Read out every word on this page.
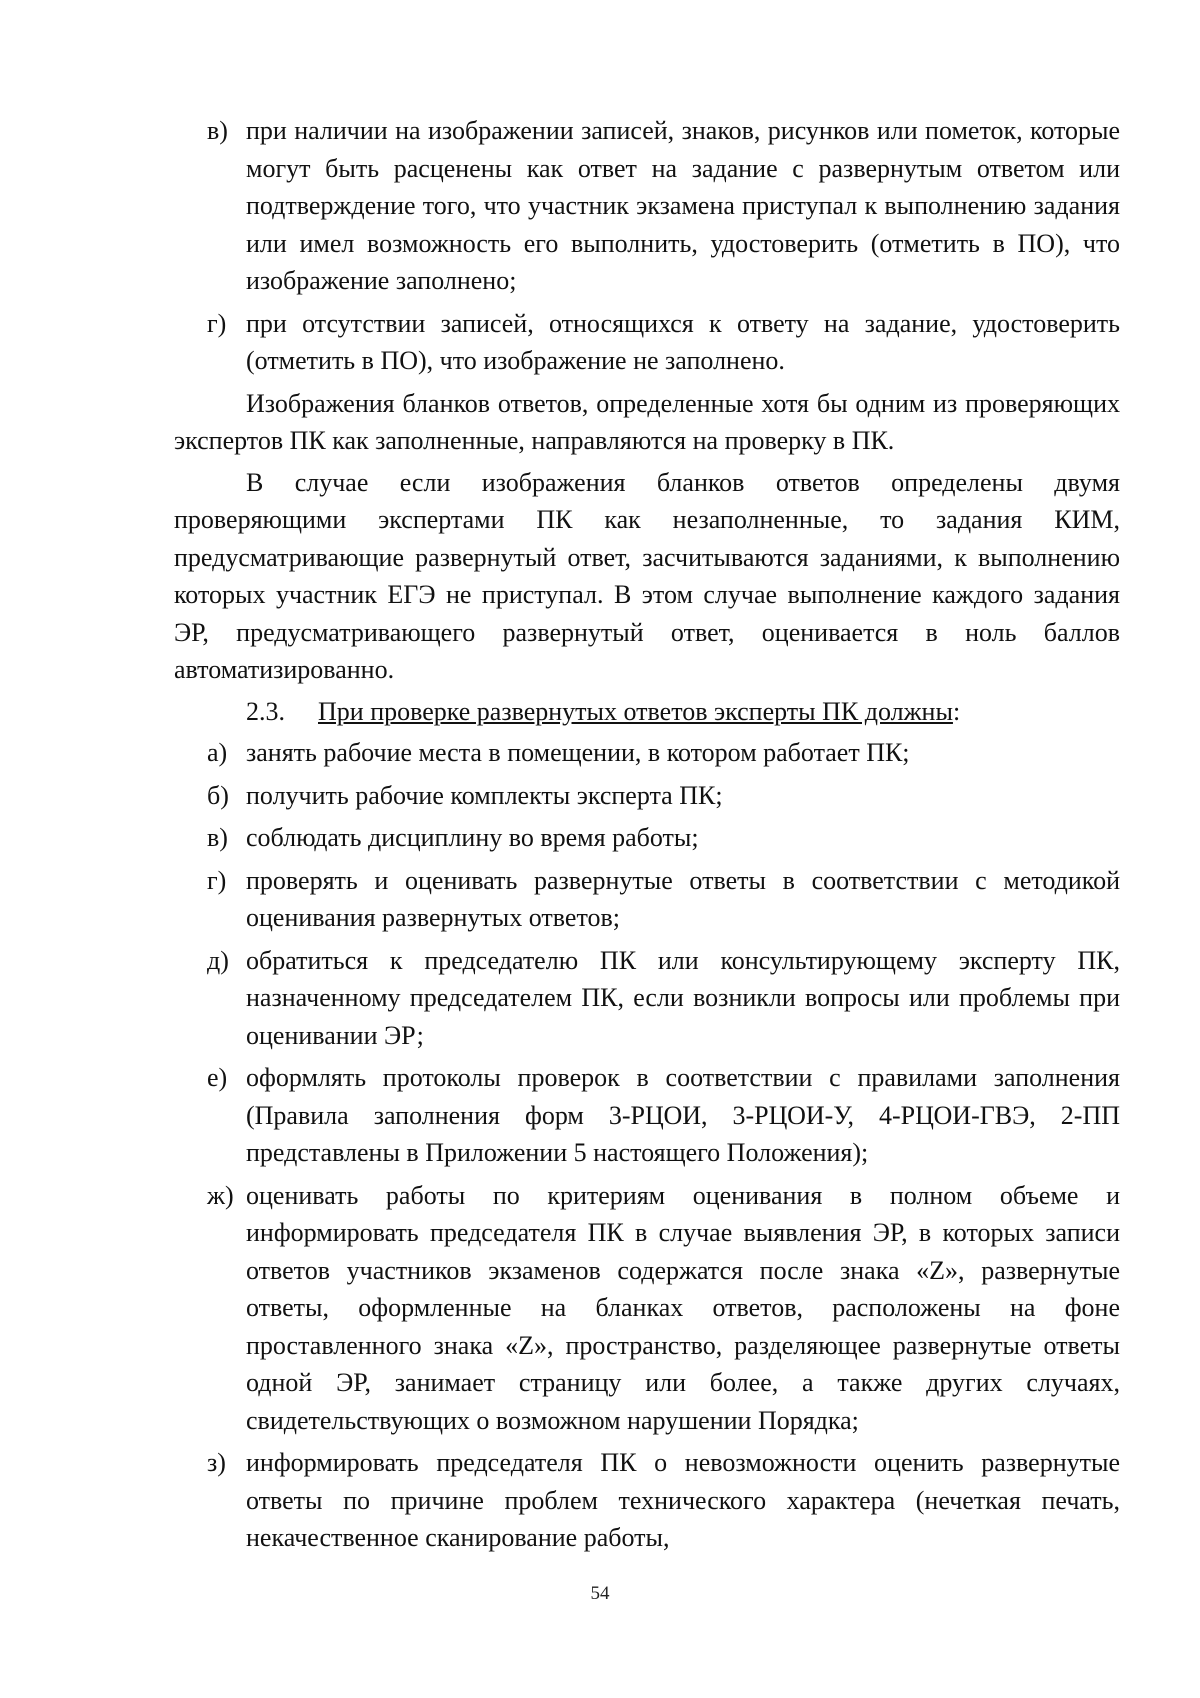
в) при наличии на изображении записей, знаков, рисунков или пометок, которые могут быть расценены как ответ на задание с развернутым ответом или подтверждение того, что участник экзамена приступал к выполнению задания или имел возможность его выполнить, удостоверить (отметить в ПО), что изображение заполнено;
г) при отсутствии записей, относящихся к ответу на задание, удостоверить (отметить в ПО), что изображение не заполнено.

Изображения бланков ответов, определенные хотя бы одним из проверяющих экспертов ПК как заполненные, направляются на проверку в ПК.

В случае если изображения бланков ответов определены двумя проверяющими экспертами ПК как незаполненные, то задания КИМ, предусматривающие развернутый ответ, засчитываются заданиями, к выполнению которых участник ЕГЭ не приступал. В этом случае выполнение каждого задания ЭР, предусматривающего развернутый ответ, оценивается в ноль баллов автоматизированно.

2.3. При проверке развернутых ответов эксперты ПК должны:
а) занять рабочие места в помещении, в котором работает ПК;
б) получить рабочие комплекты эксперта ПК;
в) соблюдать дисциплину во время работы;
г) проверять и оценивать развернутые ответы в соответствии с методикой оценивания развернутых ответов;
д) обратиться к председателю ПК или консультирующему эксперту ПК, назначенному председателем ПК, если возникли вопросы или проблемы при оценивании ЭР;
е) оформлять протоколы проверок в соответствии с правилами заполнения (Правила заполнения форм 3-РЦОИ, 3-РЦОИ-У, 4-РЦОИ-ГВЭ, 2-ПП представлены в Приложении 5 настоящего Положения);
ж) оценивать работы по критериям оценивания в полном объеме и информировать председателя ПК в случае выявления ЭР, в которых записи ответов участников экзаменов содержатся после знака «Z», развернутые ответы, оформленные на бланках ответов, расположены на фоне проставленного знака «Z», пространство, разделяющее развернутые ответы одной ЭР, занимает страницу или более, а также других случаях, свидетельствующих о возможном нарушении Порядка;
з) информировать председателя ПК о невозможности оценить развернутые ответы по причине проблем технического характера (нечеткая печать, некачественное сканирование работы,
54
